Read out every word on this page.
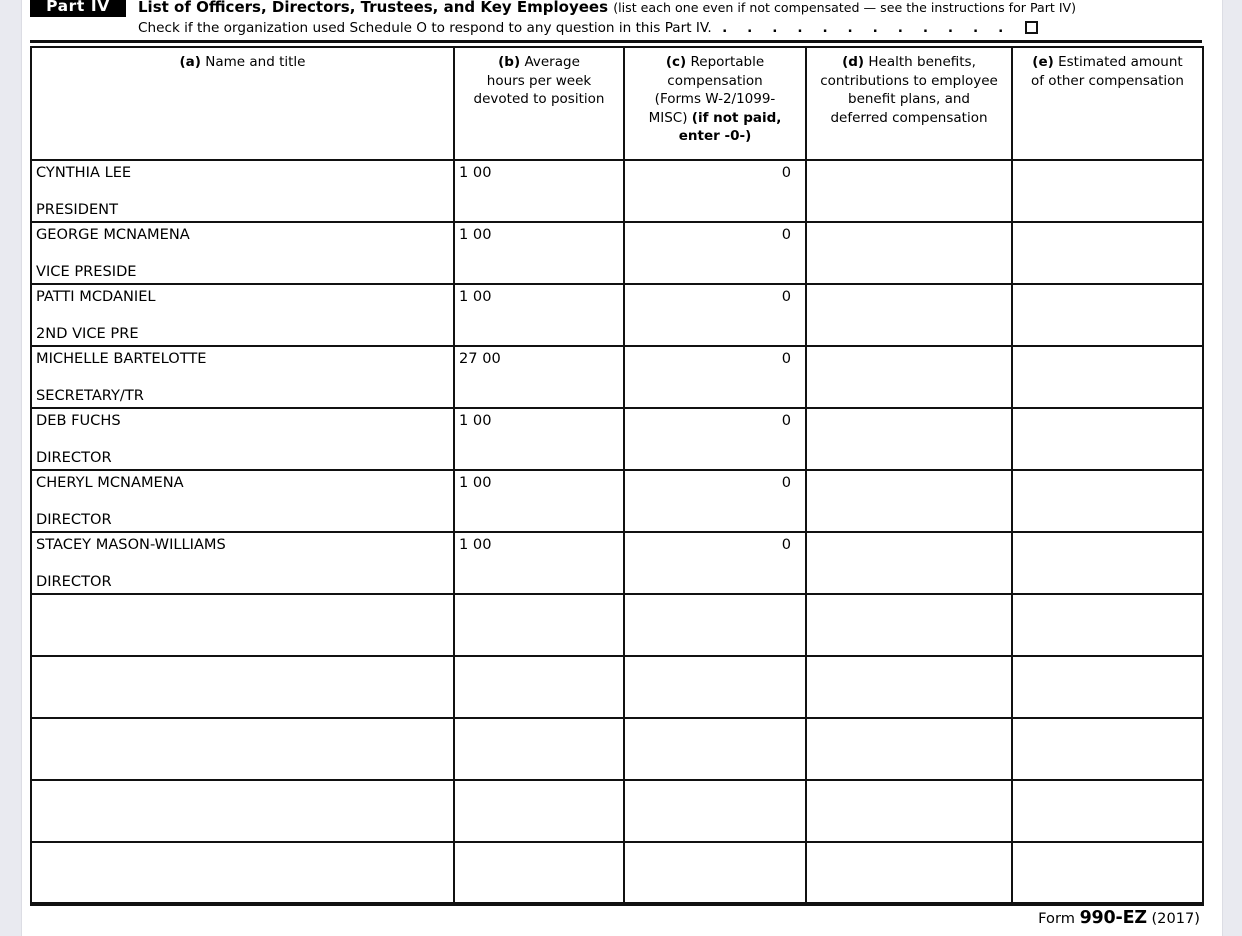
Part IV	List of Officers, Directors, Trustees, and Key Employees (list each one even if not compensated — see the instructions for Part IV)
Check if the organization used Schedule O to respond to any question in this Part IV. . . . . . . . . . . . .
(a) Name and title	(b) Average
hours per week
devoted to position	(c) Reportable
compensation
(Forms W-2/1099-
MISC) (if not paid,
enter -0-)	(d) Health benefits,
contributions to employee
benefit plans, and
deferred compensation	(e) Estimated amount
of other compensation

CYNTHIA LEE
PRESIDENT	1 00	0		

GEORGE MCNAMENA
VICE PRESIDE	1 00	0		

PATTI MCDANIEL
2ND VICE PRE	1 00	0		

MICHELLE BARTELOTTE
SECRETARY/TR	27 00	0		

DEB FUCHS
DIRECTOR	1 00	0		

CHERYL MCNAMENA
DIRECTOR	1 00	0		

STACEY MASON-WILLIAMS
DIRECTOR	1 00	0		

Form 990-EZ (2017)
